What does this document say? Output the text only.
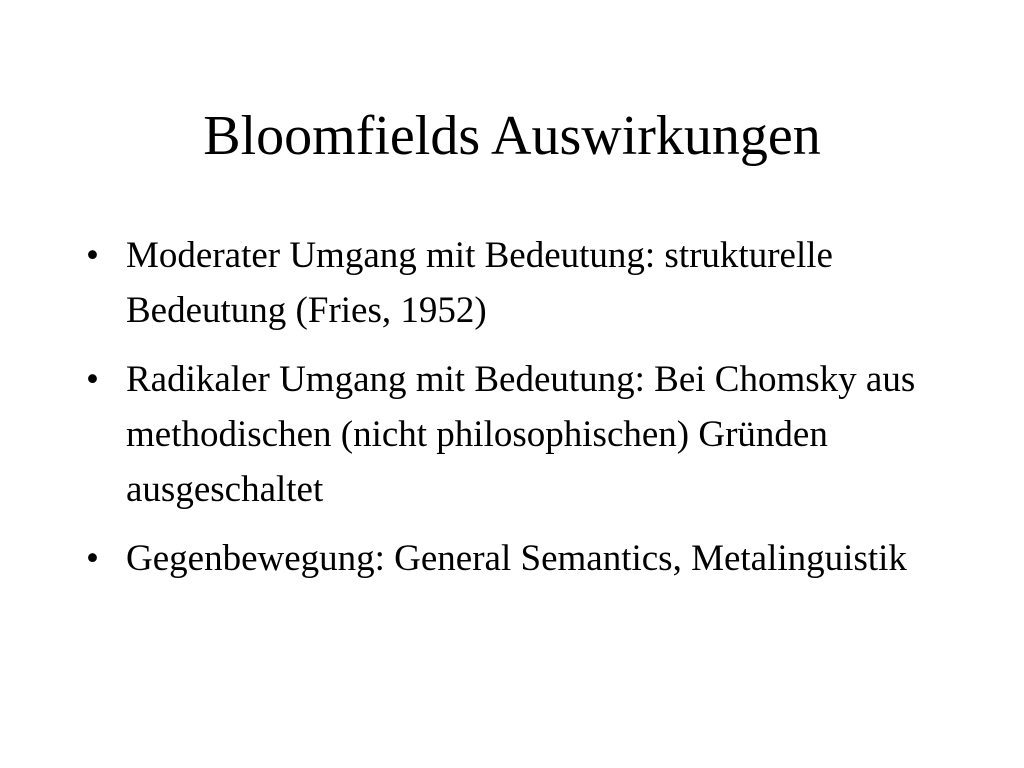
Bloomfields Auswirkungen
• Moderater Umgang mit Bedeutung: strukturelle Bedeutung (Fries, 1952)
• Radikaler Umgang mit Bedeutung: Bei Chomsky aus methodischen (nicht philosophischen) Gründen ausgeschaltet
• Gegenbewegung: General Semantics, Metalinguistik
